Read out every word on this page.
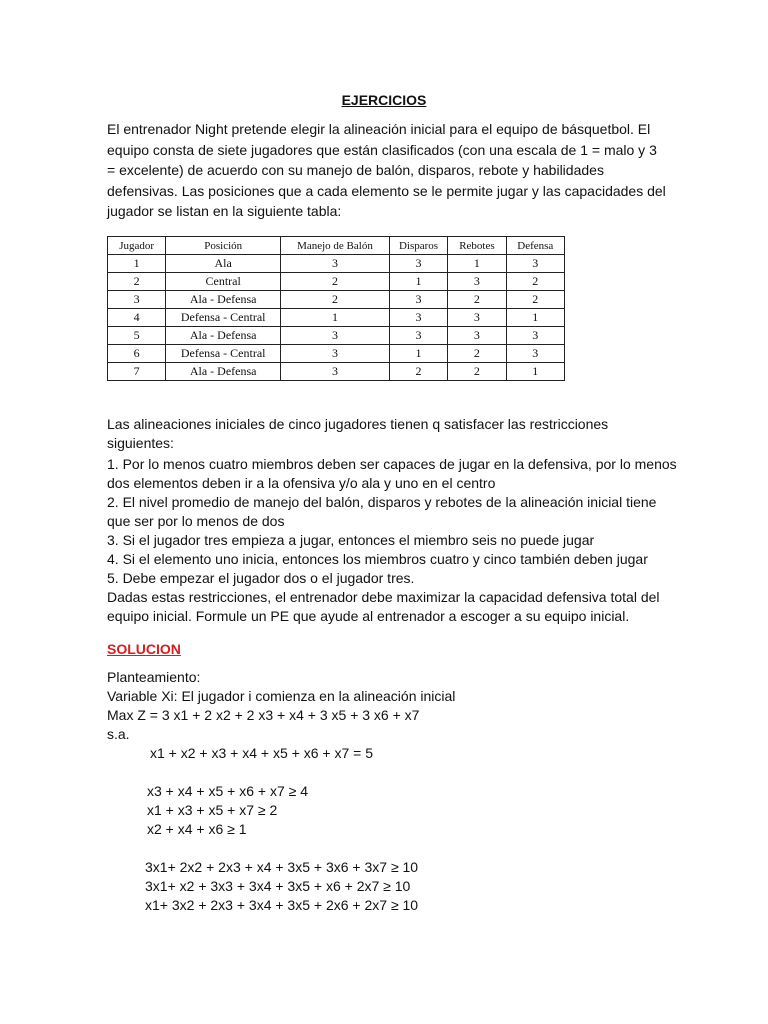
EJERCICIOS

El entrenador Night pretende elegir la alineación inicial para el equipo de básquetbol. El equipo consta de siete jugadores que están clasificados (con una escala de 1 = malo y 3 = excelente) de acuerdo con su manejo de balón, disparos, rebote y habilidades defensivas. Las posiciones que a cada elemento se le permite jugar y las capacidades del jugador se listan en la siguiente tabla:

Jugador	Posición	Manejo de Balón	Disparos	Rebotes	Defensa
1	Ala	3	3	1	3
2	Central	2	1	3	2
3	Ala - Defensa	2	3	2	2
4	Defensa - Central	1	3	3	1
5	Ala - Defensa	3	3	3	3
6	Defensa - Central	3	1	2	3
7	Ala - Defensa	3	2	2	1

Las alineaciones iniciales de cinco jugadores tienen q satisfacer las restricciones siguientes:

1. Por lo menos cuatro miembros deben ser capaces de jugar en la defensiva, por lo menos dos elementos deben ir a la ofensiva y/o ala y uno en el centro

2. El nivel promedio de manejo del balón, disparos y rebotes de la alineación inicial tiene que ser por lo menos de dos

3. Si el jugador tres empieza a jugar, entonces el miembro seis no puede jugar

4. Si el elemento uno inicia, entonces los miembros cuatro y cinco también deben jugar

5. Debe empezar el jugador dos o el jugador tres.

Dadas estas restricciones, el entrenador debe maximizar la capacidad defensiva total del equipo inicial. Formule un PE que ayude al entrenador a escoger a su equipo inicial.

SOLUCION

Planteamiento:

Variable Xi: El jugador i comienza en la alineación inicial

Max Z = 3 x1 + 2 x2 + 2 x3 + x4 + 3 x5 + 3 x6 + x7

s.a.

x1 + x2 + x3 + x4 + x5 + x6 + x7 = 5

x3 + x4 + x5 + x6 + x7 ≥ 4

x1 + x3 + x5 + x7 ≥ 2

x2 + x4 + x6 ≥ 1

3x1+ 2x2 + 2x3 + x4 + 3x5 + 3x6 + 3x7 ≥ 10

3x1+ x2 + 3x3 + 3x4 + 3x5 + x6 + 2x7 ≥ 10

x1+ 3x2 + 2x3 + 3x4 + 3x5 + 2x6 + 2x7 ≥ 10
